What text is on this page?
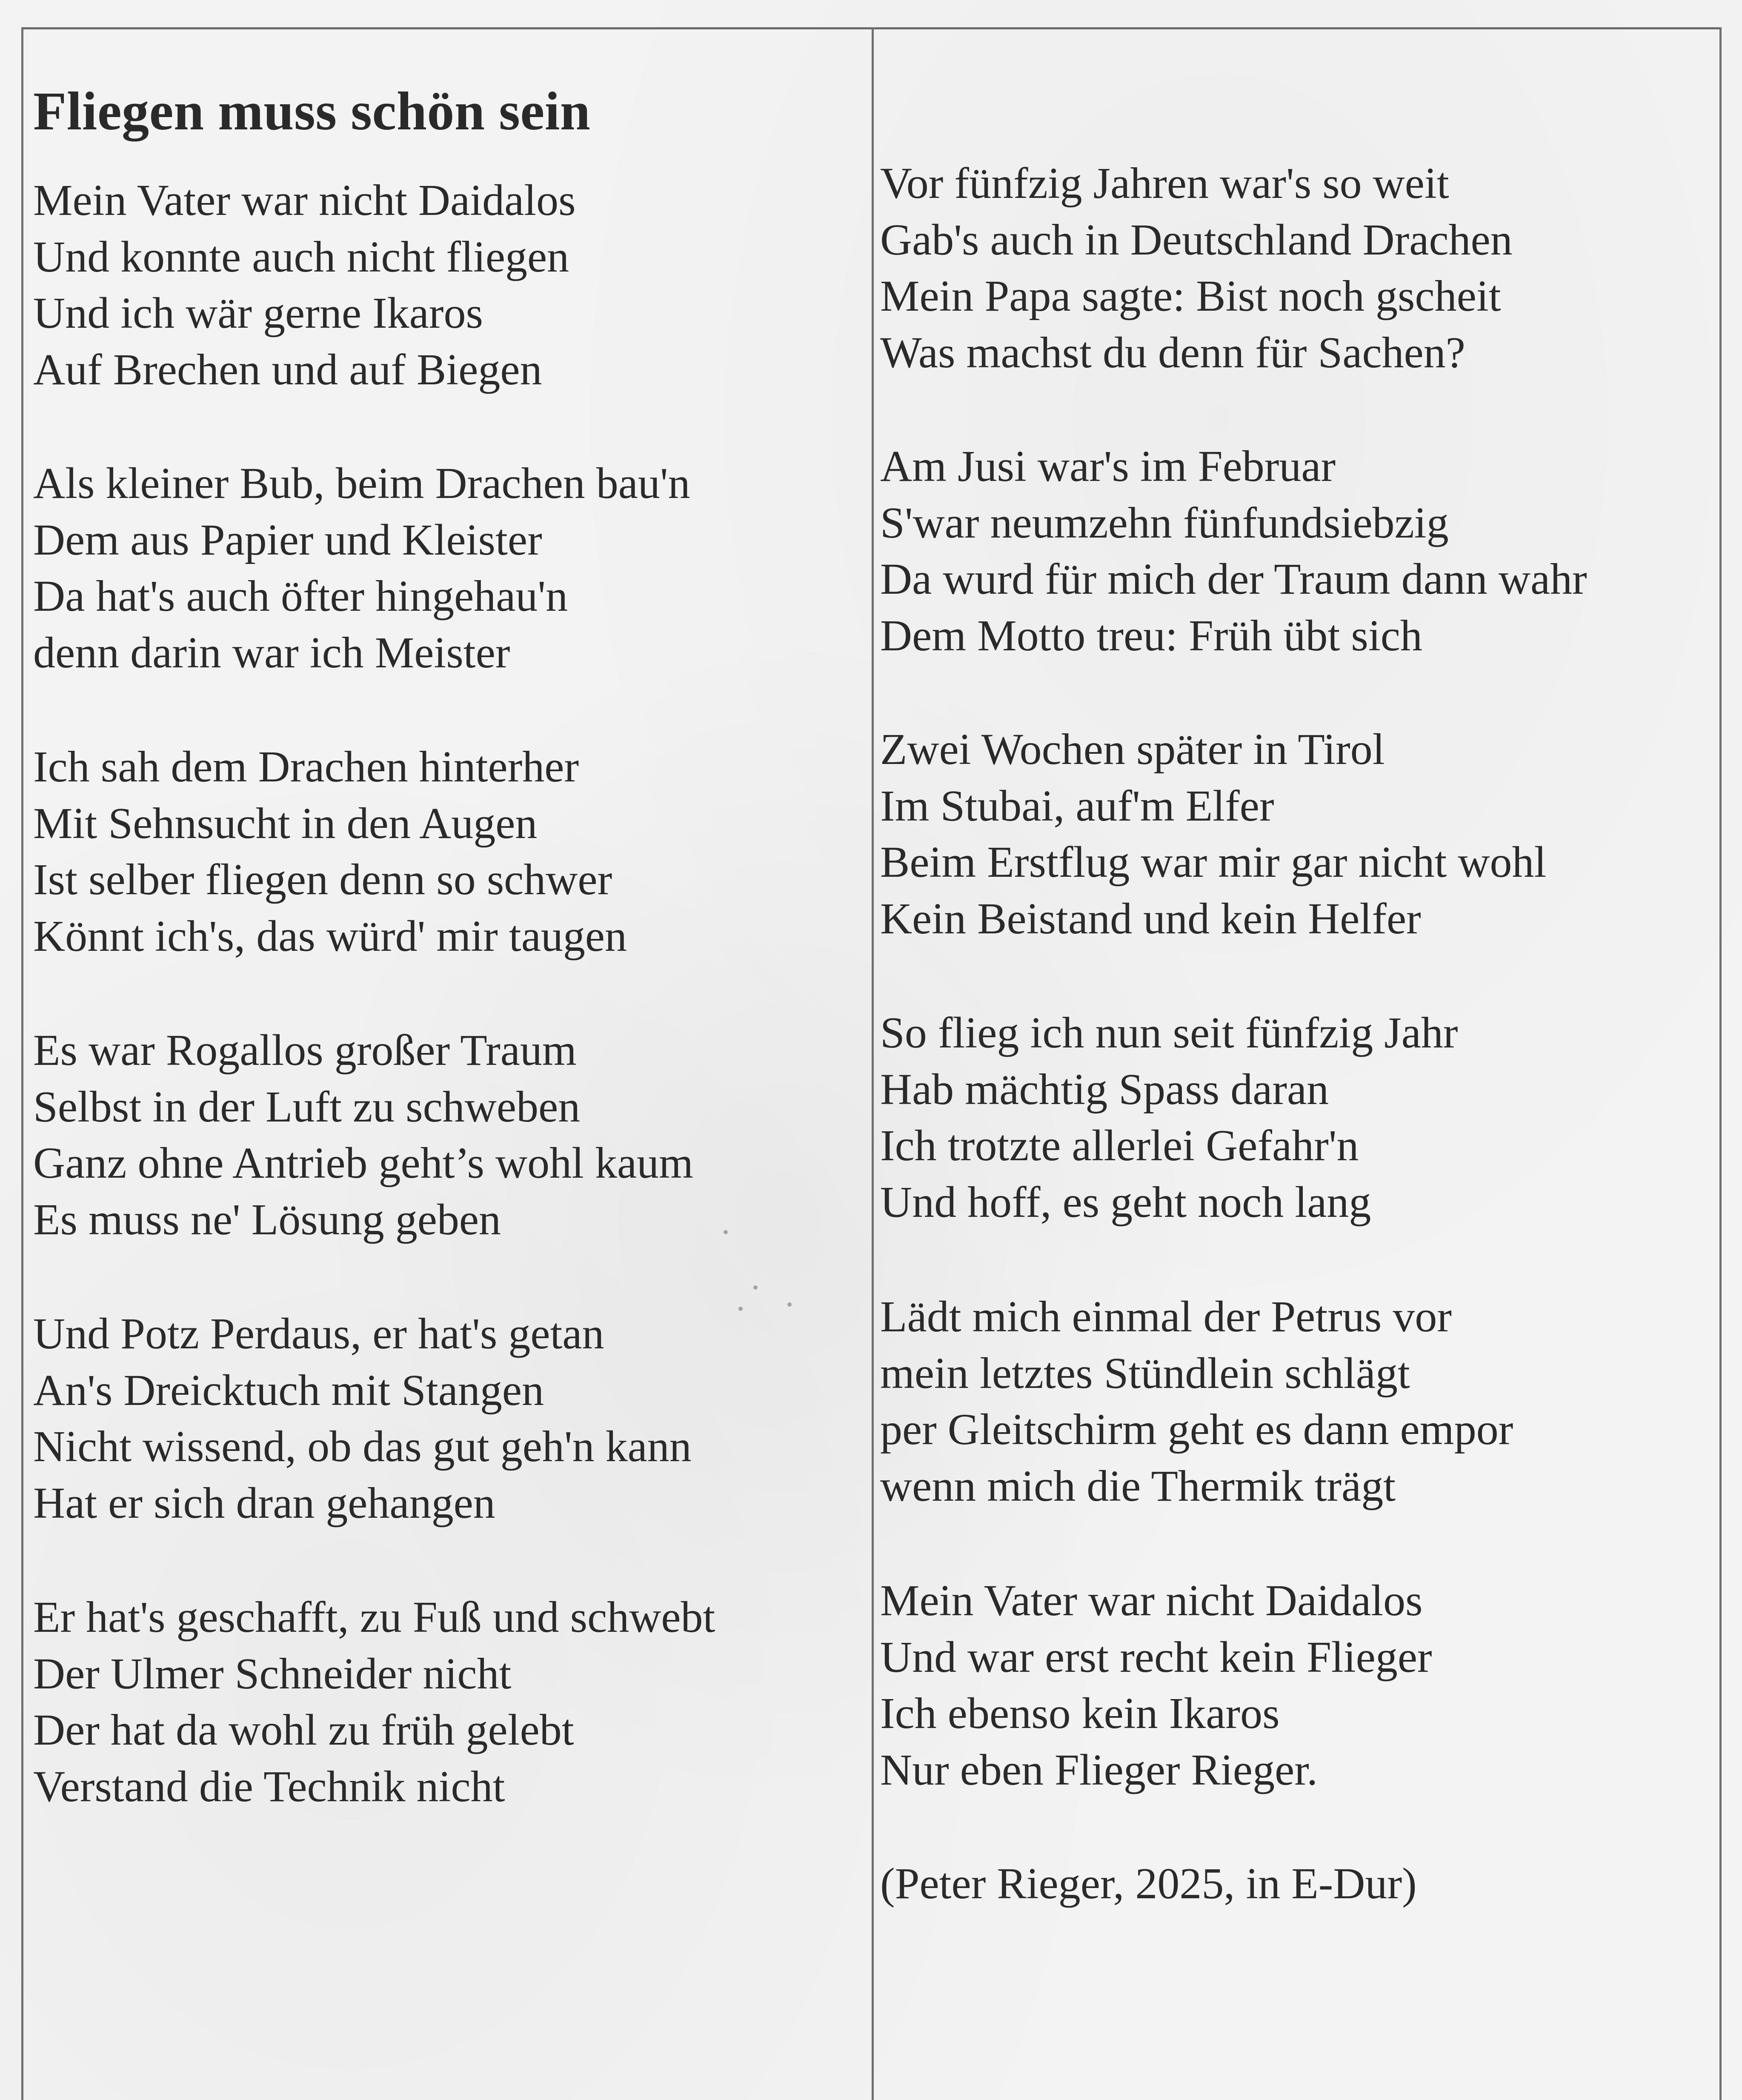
Fliegen muss schön sein
Mein Vater war nicht Daidalos
Und konnte auch nicht fliegen
Und ich wär gerne Ikaros
Auf Brechen und auf Biegen
Als kleiner Bub, beim Drachen bau'n
Dem aus Papier und Kleister
Da hat's auch öfter hingehau'n
denn darin war ich Meister
Ich sah dem Drachen hinterher
Mit Sehnsucht in den Augen
Ist selber fliegen denn so schwer
Könnt ich's, das würd' mir taugen
Es war Rogallos großer Traum
Selbst in der Luft zu schweben
Ganz ohne Antrieb geht’s wohl kaum
Es muss ne' Lösung geben
Und Potz Perdaus, er hat's getan
An's Dreicktuch mit Stangen
Nicht wissend, ob das gut geh'n kann
Hat er sich dran gehangen
Er hat's geschafft, zu Fuß und schwebt
Der Ulmer Schneider nicht
Der hat da wohl zu früh gelebt
Verstand die Technik nicht
Vor fünfzig Jahren war's so weit
Gab's auch in Deutschland Drachen
Mein Papa sagte: Bist noch gscheit
Was machst du denn für Sachen?
Am Jusi war's im Februar
S'war neumzehn fünfundsiebzig
Da wurd für mich der Traum dann wahr
Dem Motto treu: Früh übt sich
Zwei Wochen später in Tirol
Im Stubai, auf'm Elfer
Beim Erstflug war mir gar nicht wohl
Kein Beistand und kein Helfer
So flieg ich nun seit fünfzig Jahr
Hab mächtig Spass daran
Ich trotzte allerlei Gefahr'n
Und hoff, es geht noch lang
Lädt mich einmal der Petrus vor
mein letztes Stündlein schlägt
per Gleitschirm geht es dann empor
wenn mich die Thermik trägt
Mein Vater war nicht Daidalos
Und war erst recht kein Flieger
Ich ebenso kein Ikaros
Nur eben Flieger Rieger.
(Peter Rieger, 2025, in E-Dur)
